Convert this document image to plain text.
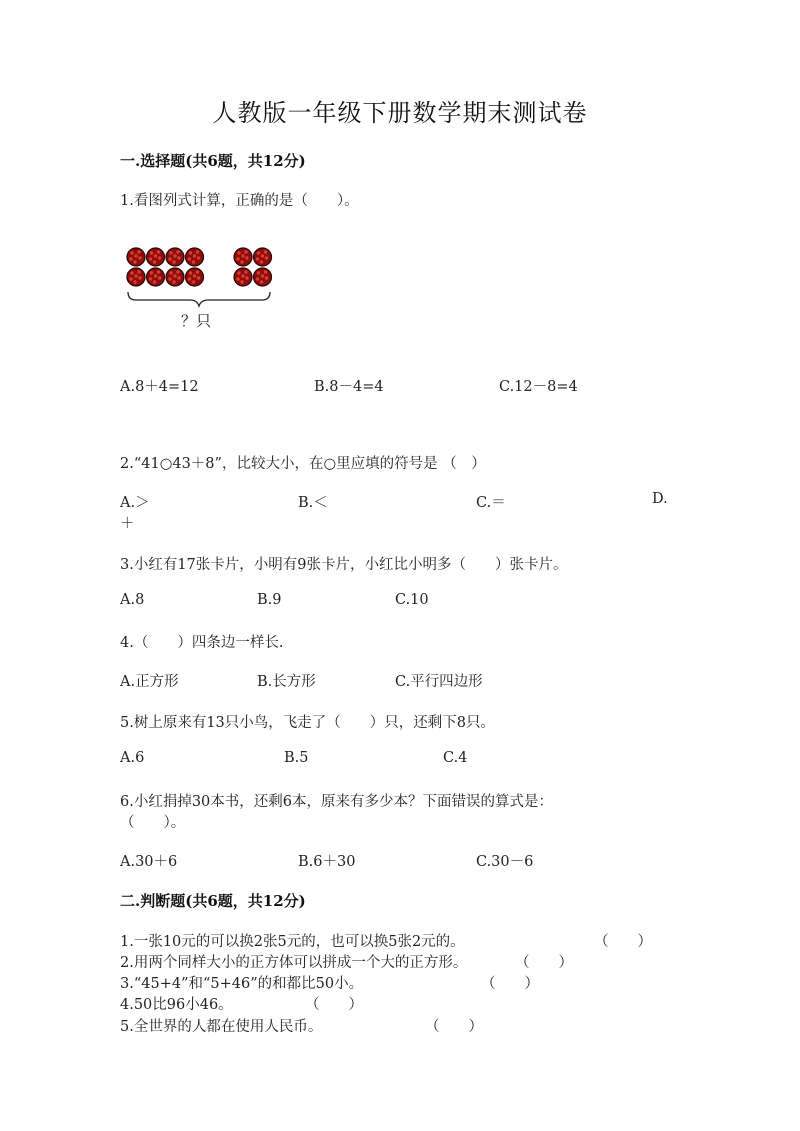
人教版一年级下册数学期末测试卷
一.选择题(共6题，共12分)
1.看图列式计算，正确的是（　　）。
？只
A.8＋4=12	B.8－4=4	C.12－8=4
2.“41○43＋8”，比较大小，在○里应填的符号是 （　）
A.＞	B.＜	C.＝	D.
＋
3.小红有17张卡片，小明有9张卡片，小红比小明多（　　）张卡片。
A.8	B.9	C.10
4.（　　）四条边一样长.
A.正方形	B.长方形	C.平行四边形
5.树上原来有13只小鸟，飞走了（　　）只，还剩下8只。
A.6	B.5	C.4
6.小红捐掉30本书，还剩6本，原来有多少本？下面错误的算式是：
（　　）。
A.30＋6	B.6＋30	C.30－6
二.判断题(共6题，共12分)
1.一张10元的可以换2张5元的，也可以换5张2元的。	（　　）
2.用两个同样大小的正方体可以拼成一个大的正方形。	（　　）
3.“45+4”和“5+46”的和都比50小。	（　　）
4.50比96小46。	（　　）
5.全世界的人都在使用人民币。	（　　）
